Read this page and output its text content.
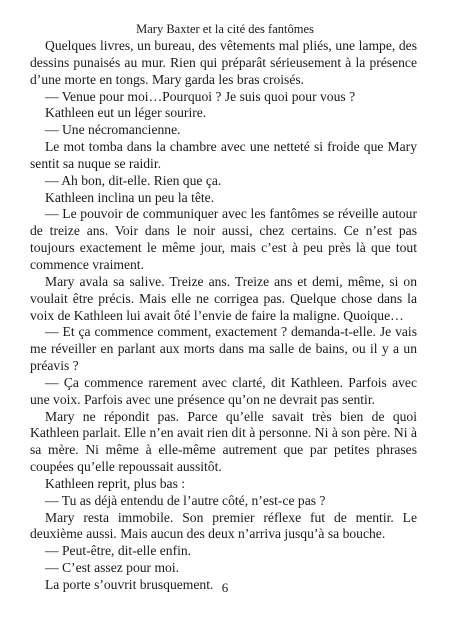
Mary Baxter et la cité des fantômes

Quelques livres, un bureau, des vêtements mal pliés, une lampe, des dessins punaisés au mur. Rien qui préparât sérieusement à la présence d’une morte en tongs. Mary garda les bras croisés.

— Venue pour moi…Pourquoi ? Je suis quoi pour vous ?

Kathleen eut un léger sourire.

— Une nécromancienne.

Le mot tomba dans la chambre avec une netteté si froide que Mary sentit sa nuque se raidir.

— Ah bon, dit-elle. Rien que ça.

Kathleen inclina un peu la tête.

— Le pouvoir de communiquer avec les fantômes se réveille autour de treize ans. Voir dans le noir aussi, chez certains. Ce n’est pas toujours exactement le même jour, mais c’est à peu près là que tout commence vraiment.

Mary avala sa salive. Treize ans. Treize ans et demi, même, si on voulait être précis. Mais elle ne corrigea pas. Quelque chose dans la voix de Kathleen lui avait ôté l’envie de faire la maligne. Quoique…

— Et ça commence comment, exactement ? demanda-t-elle. Je vais me réveiller en parlant aux morts dans ma salle de bains, ou il y a un préavis ?

— Ça commence rarement avec clarté, dit Kathleen. Parfois avec une voix. Parfois avec une présence qu’on ne devrait pas sentir.

Mary ne répondit pas. Parce qu’elle savait très bien de quoi Kathleen parlait. Elle n’en avait rien dit à personne. Ni à son père. Ni à sa mère. Ni même à elle-même autrement que par petites phrases coupées qu’elle repoussait aussitôt.

Kathleen reprit, plus bas :

— Tu as déjà entendu de l’autre côté, n’est-ce pas ?

Mary resta immobile. Son premier réflexe fut de mentir. Le deuxième aussi. Mais aucun des deux n’arriva jusqu’à sa bouche.

— Peut-être, dit-elle enfin.

— C’est assez pour moi.

La porte s’ouvrit brusquement. 6
